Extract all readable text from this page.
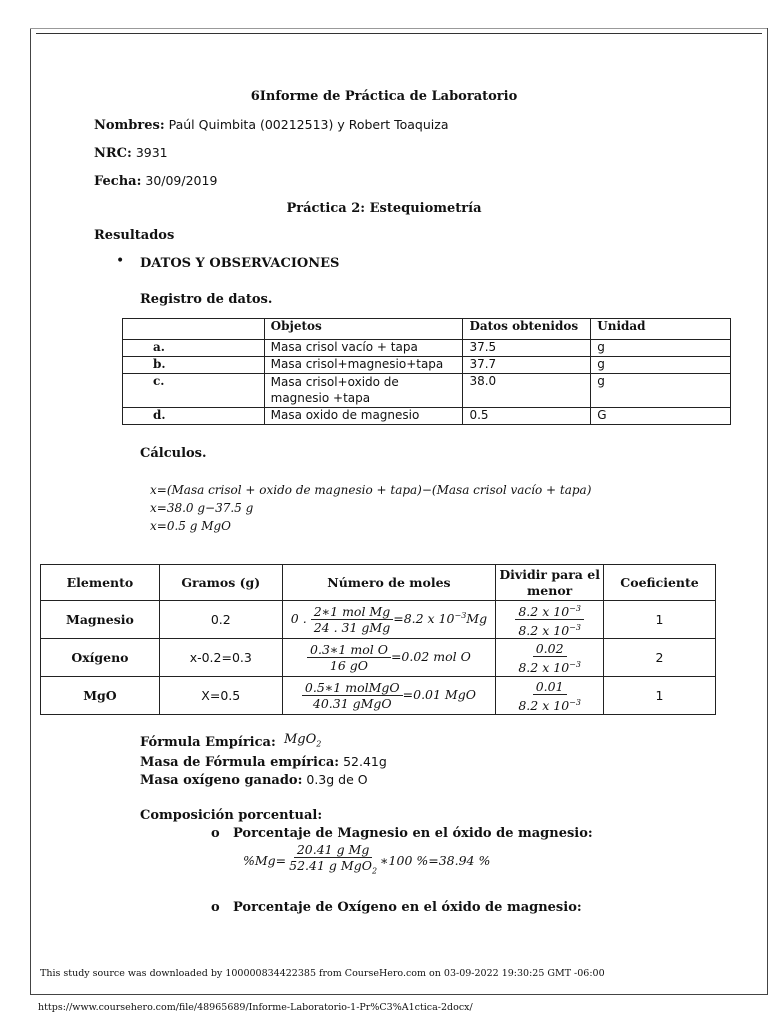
6Informe de Práctica de Laboratorio
Nombres: Paúl Quimbita (00212513) y Robert Toaquiza
NRC: 3931
Fecha: 30/09/2019
Práctica 2: Estequiometría
Resultados
• DATOS Y OBSERVACIONES
Registro de datos.
	Objetos	Datos obtenidos	Unidad
a.	Masa crisol vacío + tapa	37.5	g
b.	Masa crisol+magnesio+tapa	37.7	g
c.	Masa crisol+oxido de magnesio +tapa	38.0	g
d.	Masa oxido de magnesio	0.5	G
Cálculos.
x=(Masa crisol + oxido de magnesio + tapa)−(Masa crisol vacío + tapa)
x=38.0 g−37.5 g
x=0.5 g MgO
Elemento	Gramos (g)	Número de moles	Dividir para el menor	Coeficiente
Magnesio	0.2	0 . $\frac{\text{2∗1 mol Mg}}{\text{24 . 31 gMg}} =8.2$ x $10^{-3}Mg$	$\frac{8.2 x 10^{-3}}{8.2 x 10^{-3}}$	1
Oxígeno	x-0.2=0.3	$\frac{\text{0.3∗1 mol O}}{16 gO} =0.02$ mol O	$\frac{0.02}{8.2 x 10^{-3}}$	2
MgO	X=0.5	$\frac{\text{0.5∗1 molMgO}}{\text{40.31 gMgO}} =0.01$ MgO	$\frac{0.01}{8.2 x 10^{-3}}$	1
Fórmula Empírica: MgO$_2$
Masa de Fórmula empírica: 52.41g
Masa oxígeno ganado: 0.3g de O
Composición porcentual:
o Porcentaje de Magnesio en el óxido de magnesio:
$\%Mg= \frac{\text{20.41 g Mg}}{52.41 g MgO_2}$ ∗100 %=38.94 %
o Porcentaje de Oxígeno en el óxido de magnesio:
This study source was downloaded by 100000834422385 from CourseHero.com on 03-09-2022 19:30:25 GMT -06:00
https://www.coursehero.com/file/48965689/Informe-Laboratorio-1-Pr%C3%A1ctica-2docx/
